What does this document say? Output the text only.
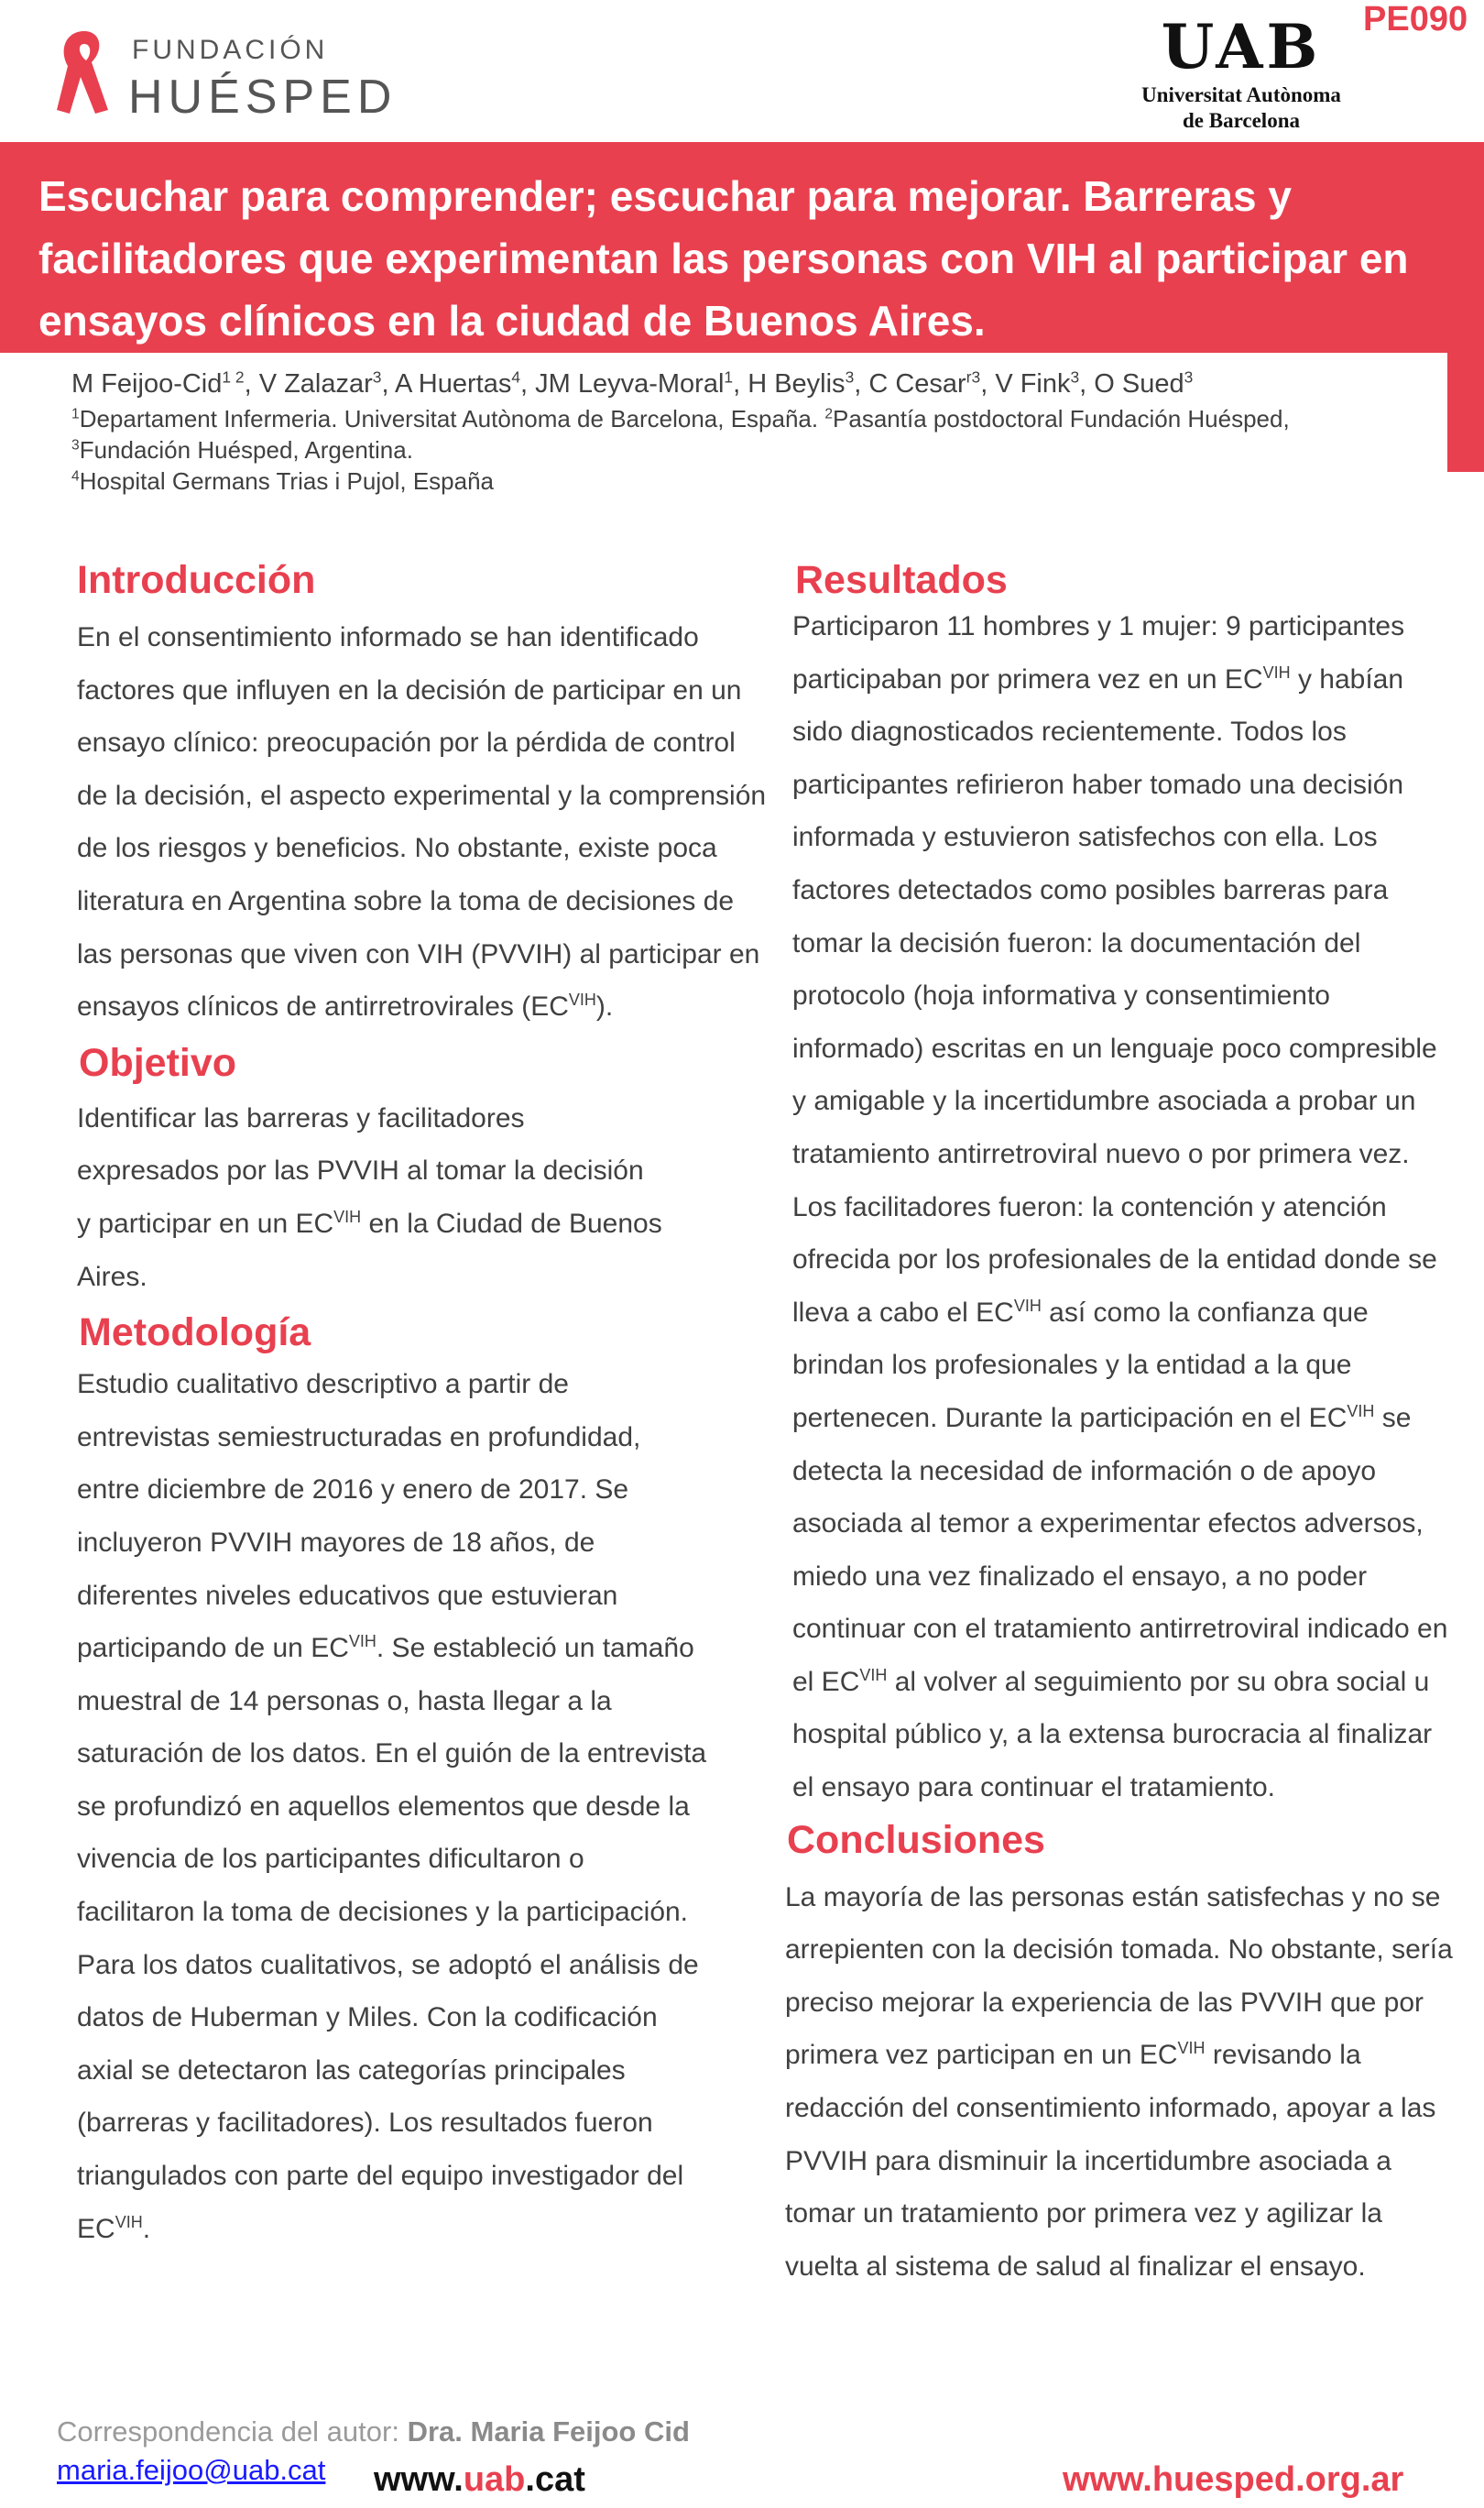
FUNDACIÓN
HUÉSPED
UAB
Universitat Autònoma
de Barcelona
PE090
Escuchar para comprender; escuchar para mejorar. Barreras y facilitadores que experimentan las personas con VIH al participar en ensayos clínicos en la ciudad de Buenos Aires.
M Feijoo-Cid$^{1 2}$, V Zalazar$^3$, A Huertas$^4$, JM Leyva-Moral$^1$, H Beylis$^3$, C Cesar$^{r3}$, V Fink$^3$, O Sued$^3$
$^1$Departament Infermeria. Universitat Autònoma de Barcelona, España. $^2$Pasantía postdoctoral Fundación Huésped,
$^3$Fundación Huésped, Argentina.
$^4$Hospital Germans Trias i Pujol, España
Introducción

En el consentimiento informado se han identificado factores que influyen en la decisión de participar en un ensayo clínico: preocupación por la pérdida de control de la decisión, el aspecto experimental y la comprensión de los riesgos y beneficios. No obstante, existe poca literatura en Argentina sobre la toma de decisiones de las personas que viven con VIH (PVVIH) al participar en ensayos clínicos de antirretrovirales $(EC^{VIH})$.

Objetivo

Identificar las barreras y facilitadores expresados por las PVVIH al tomar la decisión y participar en un $EC^{VIH}$ en la Ciudad de Buenos Aires.

Metodología

Estudio cualitativo descriptivo a partir de entrevistas semiestructuradas en profundidad, entre diciembre de 2016 y enero de 2017. Se incluyeron PVVIH mayores de 18 años, de diferentes niveles educativos que estuvieran participando de un $EC^{VIH}$. Se estableció un tamaño muestral de 14 personas o, hasta llegar a la saturación de los datos. En el guión de la entrevista se profundizó en aquellos elementos que desde la vivencia de los participantes dificultaron o facilitaron la toma de decisiones y la participación. Para los datos cualitativos, se adoptó el análisis de datos de Huberman y Miles. Con la codificación axial se detectaron las categorías principales (barreras y facilitadores). Los resultados fueron triangulados con parte del equipo investigador del $EC^{VIH}$.

Resultados

Participaron 11 hombres y 1 mujer: 9 participantes participaban por primera vez en un $EC^{VIH}$ y habían sido diagnosticados recientemente. Todos los participantes refirieron haber tomado una decisión informada y estuvieron satisfechos con ella. Los factores detectados como posibles barreras para tomar la decisión fueron: la documentación del protocolo (hoja informativa y consentimiento informado) escritas en un lenguaje poco compresible y amigable y la incertidumbre asociada a probar un tratamiento antirretroviral nuevo o por primera vez. Los facilitadores fueron: la contención y atención ofrecida por los profesionales de la entidad donde se lleva a cabo el $EC^{VIH}$ así como la confianza que brindan los profesionales y la entidad a la que pertenecen. Durante la participación en el $EC^{VIH}$ se detecta la necesidad de información o de apoyo asociada al temor a experimentar efectos adversos, miedo una vez finalizado el ensayo, a no poder continuar con el tratamiento antirretroviral indicado en el $EC^{VIH}$ al volver al seguimiento por su obra social u hospital público y, a la extensa burocracia al finalizar el ensayo para continuar el tratamiento.

Conclusiones

La mayoría de las personas están satisfechas y no se arrepienten con la decisión tomada. No obstante, sería preciso mejorar la experiencia de las PVVIH que por primera vez participan en un $EC^{VIH}$ revisando la redacción del consentimiento informado, apoyar a las PVVIH para disminuir la incertidumbre asociada a tomar un tratamiento por primera vez y agilizar la vuelta al sistema de salud al finalizar el ensayo.

Correspondencia del autor: Dra. Maria Feijoo Cid
maria.feijoo@uab.cat www.uab.cat	www.huesped.org.ar
